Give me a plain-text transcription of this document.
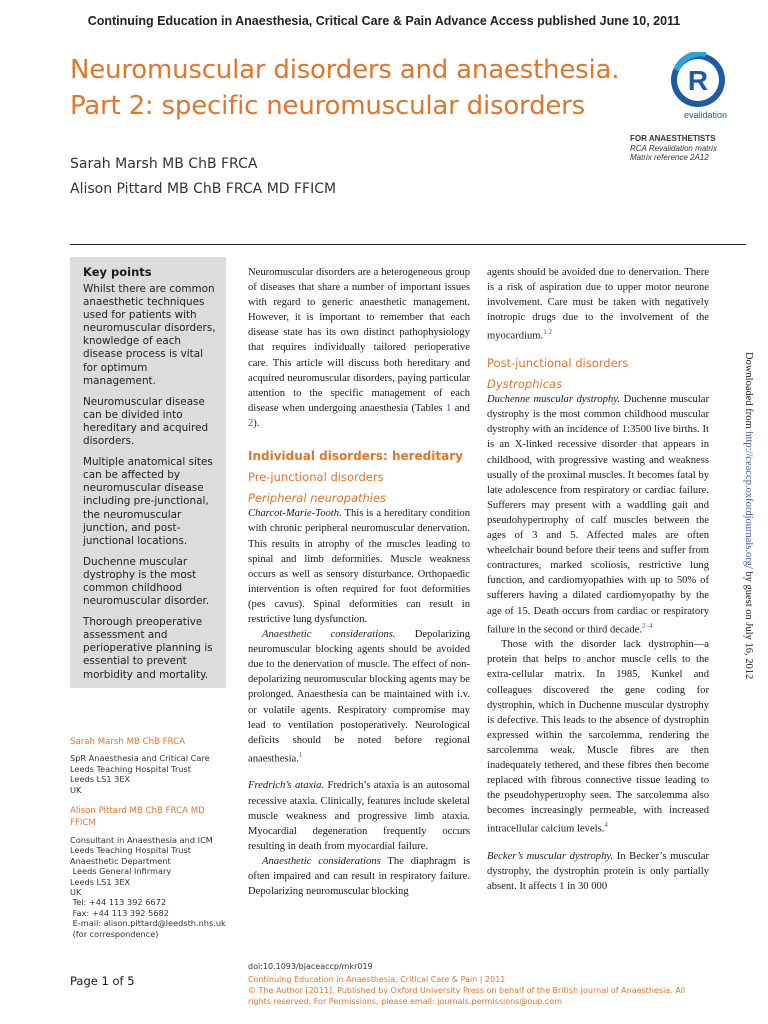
Continuing Education in Anaesthesia, Critical Care & Pain Advance Access published June 10, 2011
Neuromuscular disorders and anaesthesia.
Part 2: specific neuromuscular disorders
Sarah Marsh MB ChB FRCA
Alison Pittard MB ChB FRCA MD FFICM
R
evalidation
FOR ANAESTHETISTS
RCA Revalidation matrix
Matrix reference 2A12
Key points

Whilst there are common anaesthetic techniques used for patients with neuromuscular disorders, knowledge of each disease process is vital for optimum management.

Neuromuscular disease can be divided into hereditary and acquired disorders.

Multiple anatomical sites can be affected by neuromuscular disease including pre-junctional, the neuromuscular junction, and post-junctional locations.

Duchenne muscular dystrophy is the most common childhood neuromuscular disorder.

Thorough preoperative assessment and perioperative planning is essential to prevent morbidity and mortality.

Sarah Marsh MB ChB FRCA
SpR Anaesthesia and Critical Care
Leeds Teaching Hospital Trust
Leeds LS1 3EX
UK
Alison Pittard MB ChB FRCA MD FFICM
Consultant in Anaesthesia and ICM
Leeds Teaching Hospital Trust
Anaesthetic Department
Leeds General Infirmary
Leeds LS1 3EX
UK
Tel: +44 113 392 6672
Fax: +44 113 392 5682
E-mail: alison.pittard@leedsth.nhs.uk
(for correspondence)

Neuromuscular disorders are a heterogeneous group of diseases that share a number of important issues with regard to generic anaesthetic management. However, it is important to remember that each disease state has its own distinct pathophysiology that requires individually tailored perioperative care. This article will discuss both hereditary and acquired neuromuscular disorders, paying particular attention to the specific management of each disease when undergoing anaesthesia (Tables 1 and 2).

Individual disorders: hereditary

Pre-junctional disorders

Peripheral neuropathies

Charcot-Marie-Tooth. This is a hereditary condition with chronic peripheral neuromuscular denervation. This results in atrophy of the muscles leading to spinal and limb deformities. Muscle weakness occurs as well as sensory disturbance. Orthopaedic intervention is often required for foot deformities (pes cavus). Spinal deformities can result in restrictive lung dysfunction.

Anaesthetic considerations. Depolarizing neuromuscular blocking agents should be avoided due to the denervation of muscle. The effect of non-depolarizing neuromuscular blocking agents may be prolonged. Anaesthesia can be maintained with i.v. or volatile agents. Respiratory compromise may lead to ventilation postoperatively. Neurological deficits should be noted before regional anaesthesia.$^1$

Fredrich’s ataxia. Fredrich’s ataxia is an autosomal recessive ataxia. Clinically, features include skeletal muscle weakness and progressive limb ataxia. Myocardial degeneration frequently occurs resulting in death from myocardial failure.

Anaesthetic considerations The diaphragm is often impaired and can result in respiratory failure. Depolarizing neuromuscular blocking

agents should be avoided due to denervation. There is a risk of aspiration due to upper motor neurone involvement. Care must be taken with negatively inotropic drugs due to the involvement of the myocardium.$^{1 2}$

Post-junctional disorders

Dystrophicas

Duchenne muscular dystrophy. Duchenne muscular dystrophy is the most common childhood muscular dystrophy with an incidence of 1:3500 live births. It is an X-linked recessive disorder that appears in childhood, with progressive wasting and weakness usually of the proximal muscles. It becomes fatal by late adolescence from respiratory or cardiac failure. Sufferers may present with a waddling gait and pseudohypertrophy of calf muscles between the ages of 3 and 5. Affected males are often wheelchair bound before their teens and suffer from contractures, marked scoliosis, restrictive lung function, and cardiomyopathies with up to 50% of sufferers having a dilated cardiomyopathy by the age of 15. Death occurs from cardiac or respiratory failure in the second or third decade.$^{2-4}$

Those with the disorder lack dystrophin—a protein that helps to anchor muscle cells to the extra-cellular matrix. In 1985, Kunkel and colleagues discovered the gene coding for dystrophin, which in Duchenne muscular dystrophy is defective. This leads to the absence of dystrophin expressed within the sarcolemma, rendering the sarcolemma weak. Muscle fibres are then inadequately tethered, and these fibres then become replaced with fibrous connective tissue leading to the pseudohypertrophy seen. The sarcolemma also becomes increasingly permeable, with increased intracellular calcium levels.$^4$

Becker’s muscular dystrophy. In Becker’s muscular dystrophy, the dystrophin protein is only partially absent. It affects 1 in 30 000

Downloaded from http://ceaccp.oxfordjournals.org/ by guest on July 16, 2012
Page 1 of 5
doi:10.1093/bjaceaccp/mkr019
Continuing Education in Anaesthesia, Critical Care & Pain | 2011
© The Author [2011]. Published by Oxford University Press on behalf of the British Journal of Anaesthesia. All rights reserved. For Permissions, please email: journals.permissions@oup.com
